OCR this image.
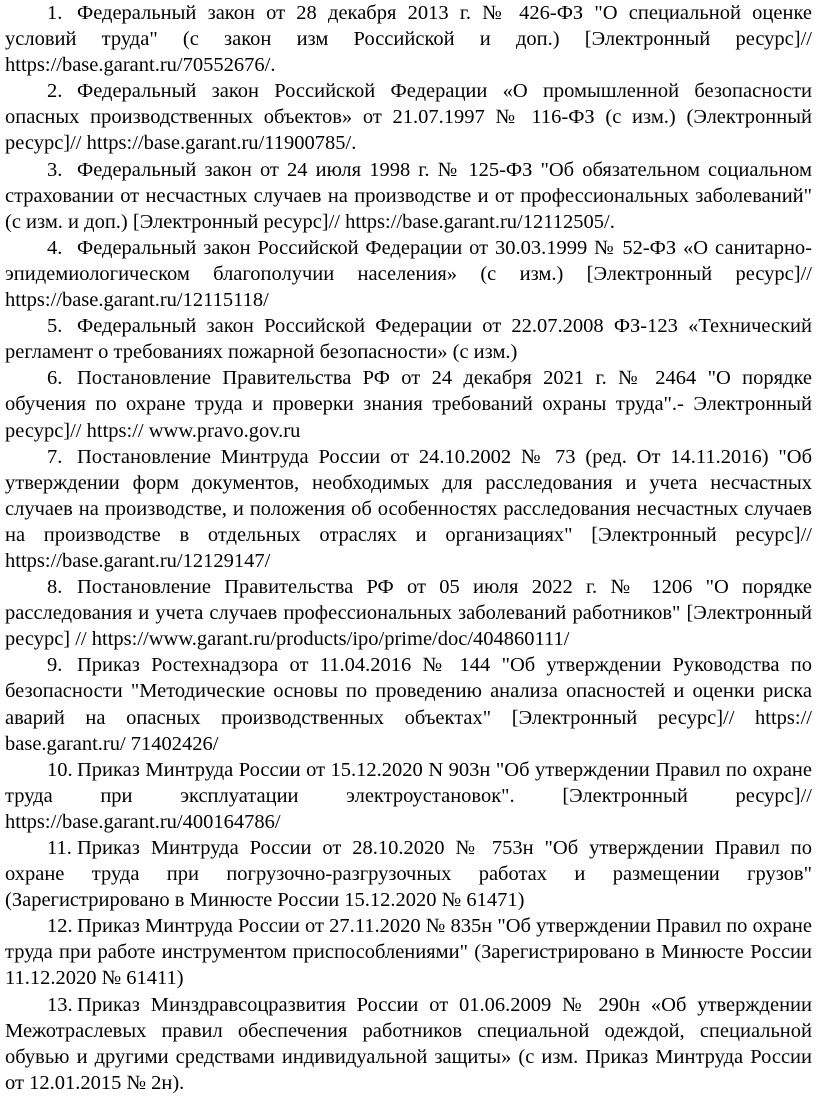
1. Федеральный закон от 28 декабря 2013 г. № 426-ФЗ "О специальной оценке условий труда" (с закон изм Российской и доп.) [Электронный ресурс]// https://base.garant.ru/70552676/.
2. Федеральный закон Российской Федерации «О промышленной безопасности опасных производственных объектов» от 21.07.1997 № 116-ФЗ (с изм.) (Электронный ресурс]// https://base.garant.ru/11900785/.
3. Федеральный закон от 24 июля 1998 г. № 125-ФЗ "Об обязательном социальном страховании от несчастных случаев на производстве и от профессиональных заболеваний" (с изм. и доп.) [Электронный ресурс]// https://base.garant.ru/12112505/.
4. Федеральный закон Российской Федерации от 30.03.1999 № 52-ФЗ «О санитарно-эпидемиологическом благополучии населения» (с изм.) [Электронный ресурс]// https://base.garant.ru/12115118/
5. Федеральный закон Российской Федерации от 22.07.2008 ФЗ-123 «Технический регламент о требованиях пожарной безопасности» (с изм.)
6. Постановление Правительства РФ от 24 декабря 2021 г. № 2464 "О порядке обучения по охране труда и проверки знания требований охраны труда".- Электронный ресурс]// https:// www.pravo.gov.ru
7. Постановление Минтруда России от 24.10.2002 № 73 (ред. От 14.11.2016) "Об утверждении форм документов, необходимых для расследования и учета несчастных случаев на производстве, и положения об особенностях расследования несчастных случаев на производстве в отдельных отраслях и организациях" [Электронный ресурс]// https://base.garant.ru/12129147/
8. Постановление Правительства РФ от 05 июля 2022 г. № 1206 "О порядке расследования и учета случаев профессиональных заболеваний работников" [Электронный ресурс] // https://www.garant.ru/products/ipo/prime/doc/404860111/
9. Приказ Ростехнадзора от 11.04.2016 № 144 "Об утверждении Руководства по безопасности "Методические основы по проведению анализа опасностей и оценки риска аварий на опасных производственных объектах" [Электронный ресурс]// https:// base.garant.ru/ 71402426/
10. Приказ Минтруда России от 15.12.2020 N 903н "Об утверждении Правил по охране труда при эксплуатации электроустановок". [Электронный ресурс]// https://base.garant.ru/400164786/
11. Приказ Минтруда России от 28.10.2020 № 753н "Об утверждении Правил по охране труда при погрузочно-разгрузочных работах и размещении грузов" (Зарегистрировано в Минюсте России 15.12.2020 № 61471)
12. Приказ Минтруда России от 27.11.2020 № 835н "Об утверждении Правил по охране труда при работе инструментом приспособлениями" (Зарегистрировано в Минюсте России 11.12.2020 № 61411)
13. Приказ Минздравсоцразвития России от 01.06.2009 № 290н «Об утверждении Межотраслевых правил обеспечения работников специальной одеждой, специальной обувью и другими средствами индивидуальной защиты» (с изм. Приказ Минтруда России от 12.01.2015 № 2н).
